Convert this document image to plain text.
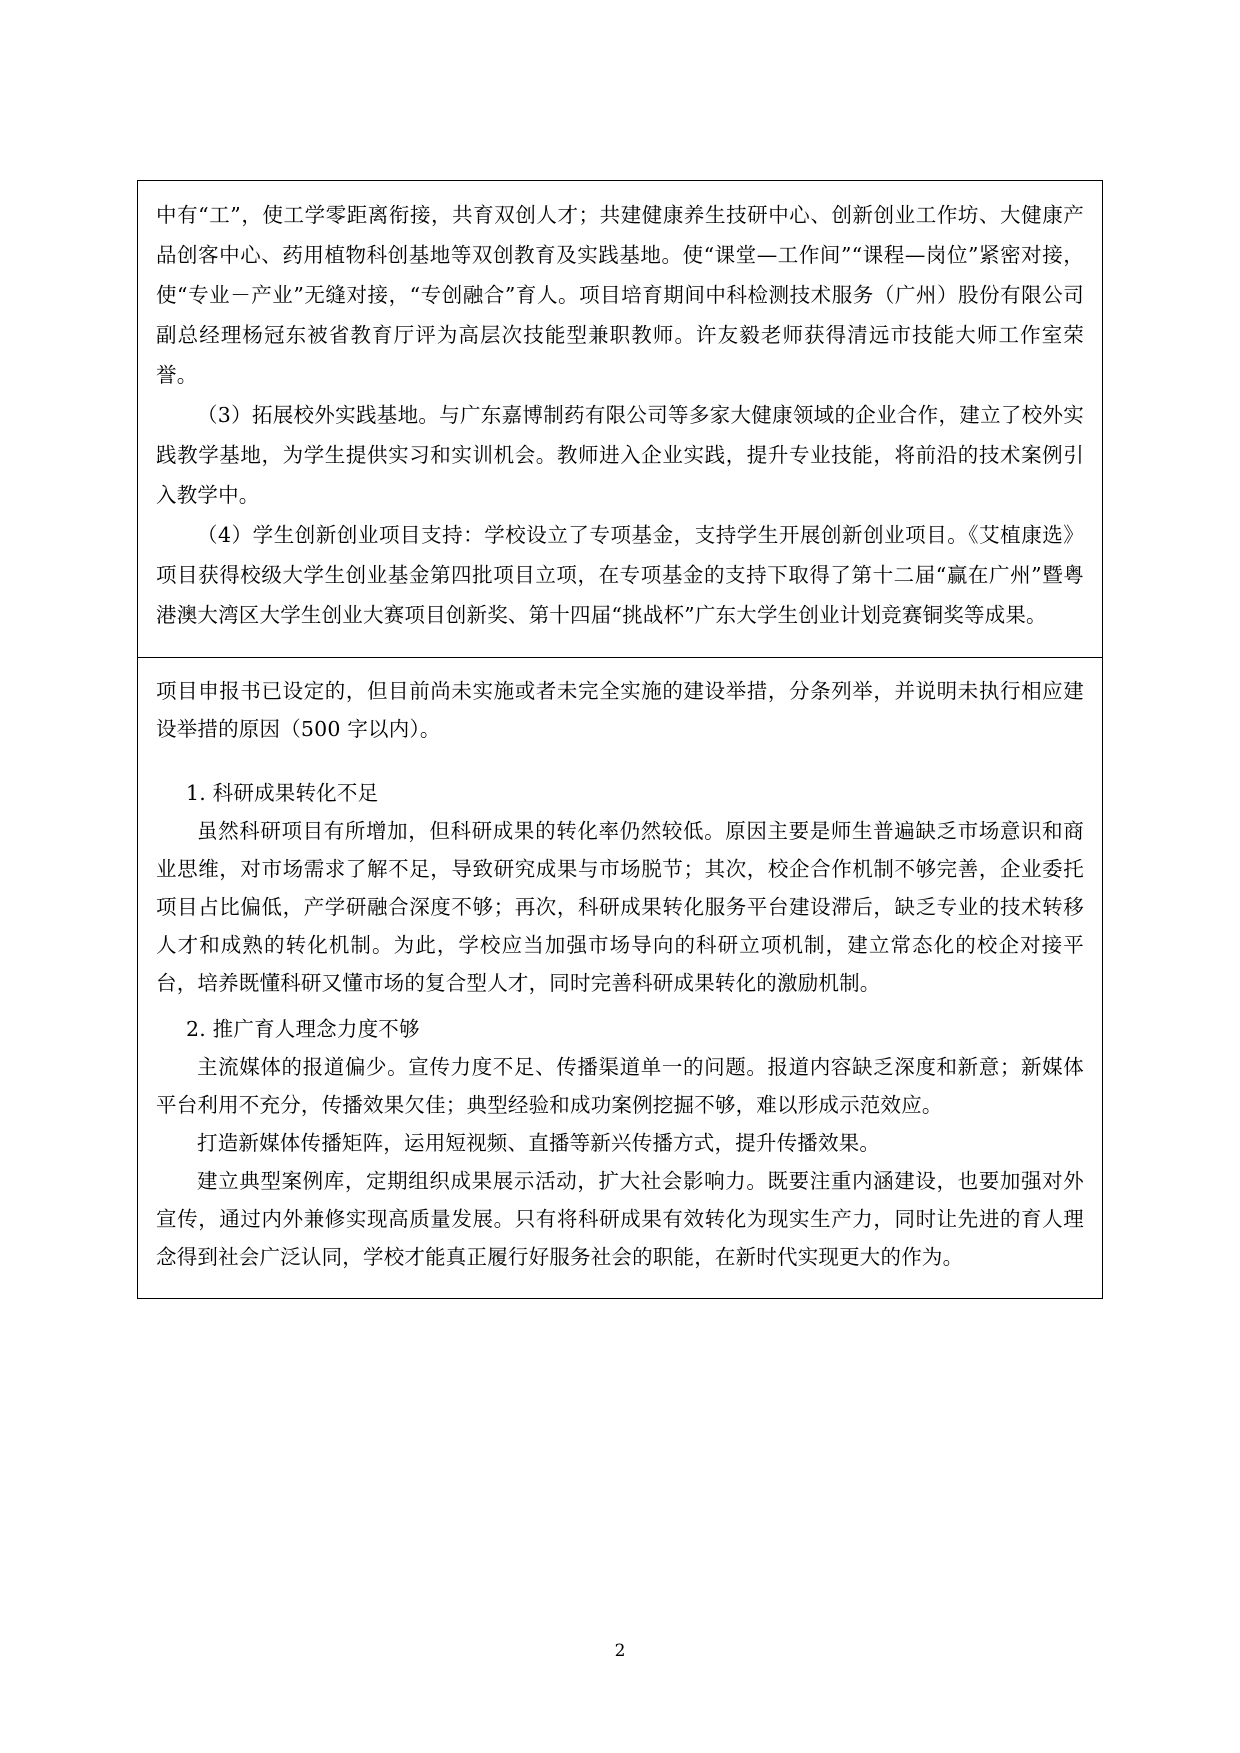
中有“工”，使工学零距离衔接，共育双创人才；共建健康养生技研中心、创新创业工作坊、大健康产品创客中心、药用植物科创基地等双创教育及实践基地。使“课堂—工作间”“课程—岗位”紧密对接，使“专业－产业”无缝对接，“专创融合”育人。项目培育期间中科检测技术服务（广州）股份有限公司副总经理杨冠东被省教育厅评为高层次技能型兼职教师。许友毅老师获得清远市技能大师工作室荣誉。

（3）拓展校外实践基地。与广东嘉博制药有限公司等多家大健康领域的企业合作，建立了校外实践教学基地，为学生提供实习和实训机会。教师进入企业实践，提升专业技能，将前沿的技术案例引入教学中。

（4）学生创新创业项目支持：学校设立了专项基金，支持学生开展创新创业项目。《艾植康选》项目获得校级大学生创业基金第四批项目立项，在专项基金的支持下取得了第十二届“赢在广州”暨粤港澳大湾区大学生创业大赛项目创新奖、第十四届“挑战杯”广东大学生创业计划竞赛铜奖等成果。

项目申报书已设定的，但目前尚未实施或者未完全实施的建设举措，分条列举，并说明未执行相应建设举措的原因（500 字以内）。

1. 科研成果转化不足

虽然科研项目有所增加，但科研成果的转化率仍然较低。原因主要是师生普遍缺乏市场意识和商业思维，对市场需求了解不足，导致研究成果与市场脱节；其次，校企合作机制不够完善，企业委托项目占比偏低，产学研融合深度不够；再次，科研成果转化服务平台建设滞后，缺乏专业的技术转移人才和成熟的转化机制。为此，学校应当加强市场导向的科研立项机制，建立常态化的校企对接平台，培养既懂科研又懂市场的复合型人才，同时完善科研成果转化的激励机制。

2. 推广育人理念力度不够

主流媒体的报道偏少。宣传力度不足、传播渠道单一的问题。报道内容缺乏深度和新意；新媒体平台利用不充分，传播效果欠佳；典型经验和成功案例挖掘不够，难以形成示范效应。

打造新媒体传播矩阵，运用短视频、直播等新兴传播方式，提升传播效果。

建立典型案例库，定期组织成果展示活动，扩大社会影响力。既要注重内涵建设，也要加强对外宣传，通过内外兼修实现高质量发展。只有将科研成果有效转化为现实生产力，同时让先进的育人理念得到社会广泛认同，学校才能真正履行好服务社会的职能，在新时代实现更大的作为。

2
